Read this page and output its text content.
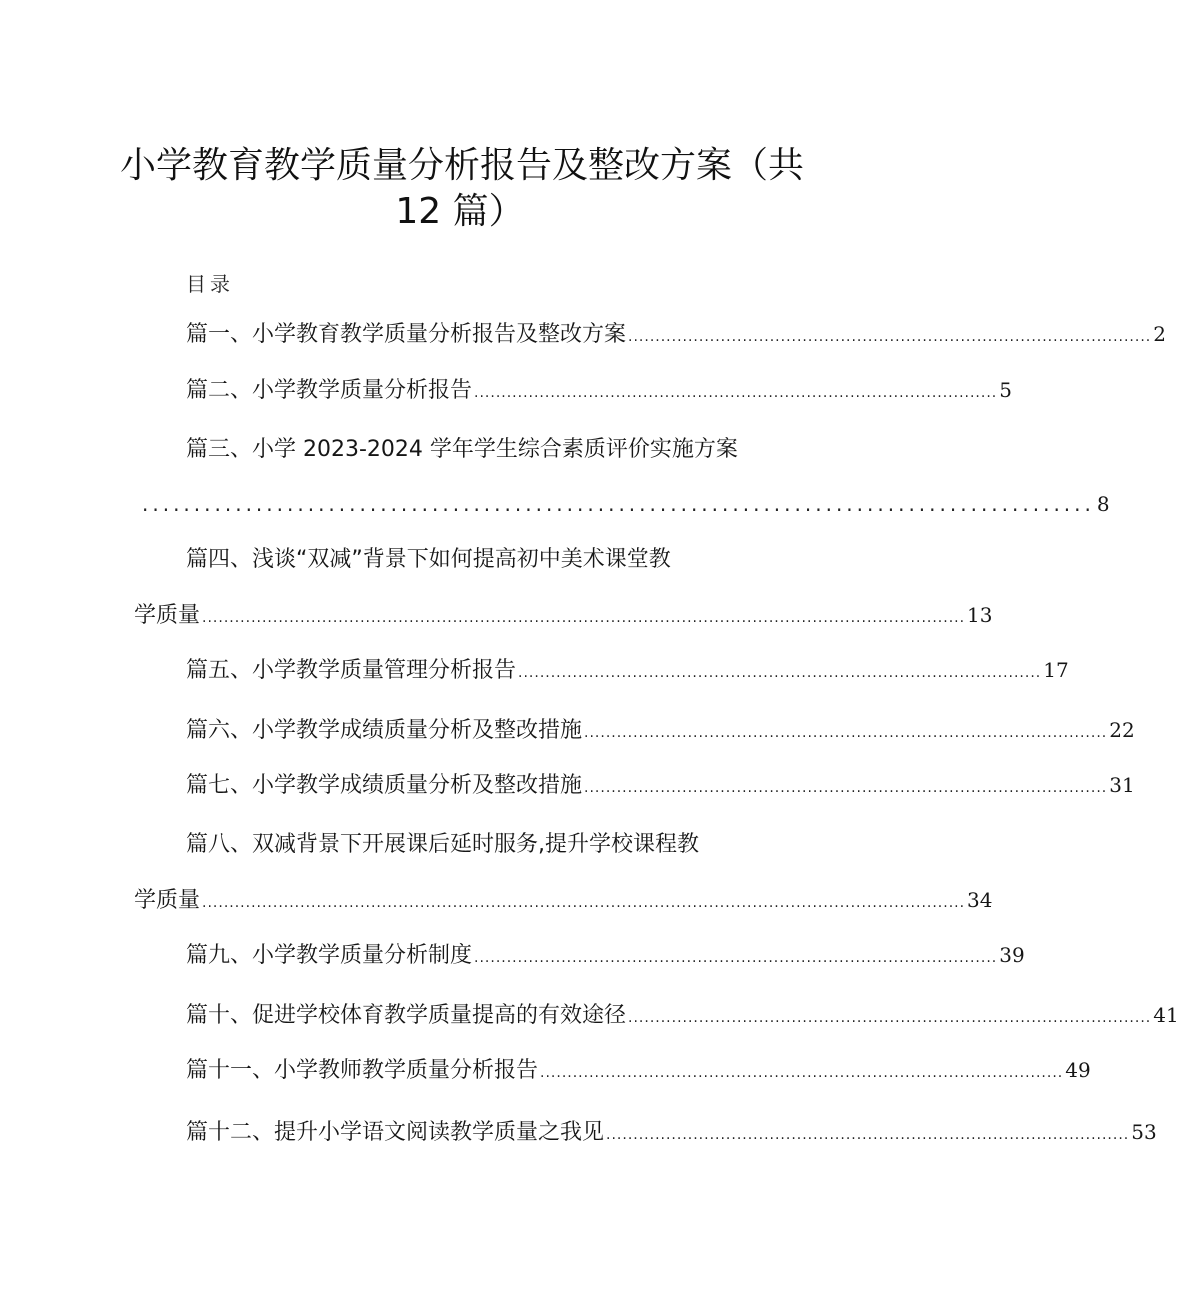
小学教育教学质量分析报告及整改方案（共
12 篇）
目录
篇一、小学教育教学质量分析报告及整改方案 ................................................................................................ 2
篇二、小学教学质量分析报告 ................................................................................................ 5
篇三、小学 2023-2024 学年学生综合素质评价实施方案
............................................................................................ 8
篇四、浅谈“双减”背景下如何提高初中美术课堂教
学质量 ............................................................................................................................................ 13
篇五、小学教学质量管理分析报告 ................................................................................................ 17
篇六、小学教学成绩质量分析及整改措施 ................................................................................................ 22
篇七、小学教学成绩质量分析及整改措施 ................................................................................................ 31
篇八、双减背景下开展课后延时服务,提升学校课程教
学质量 ............................................................................................................................................ 34
篇九、小学教学质量分析制度 ................................................................................................ 39
篇十、促进学校体育教学质量提高的有效途径 ................................................................................................ 41
篇十一、小学教师教学质量分析报告 ................................................................................................ 49
篇十二、提升小学语文阅读教学质量之我见 ................................................................................................ 53
